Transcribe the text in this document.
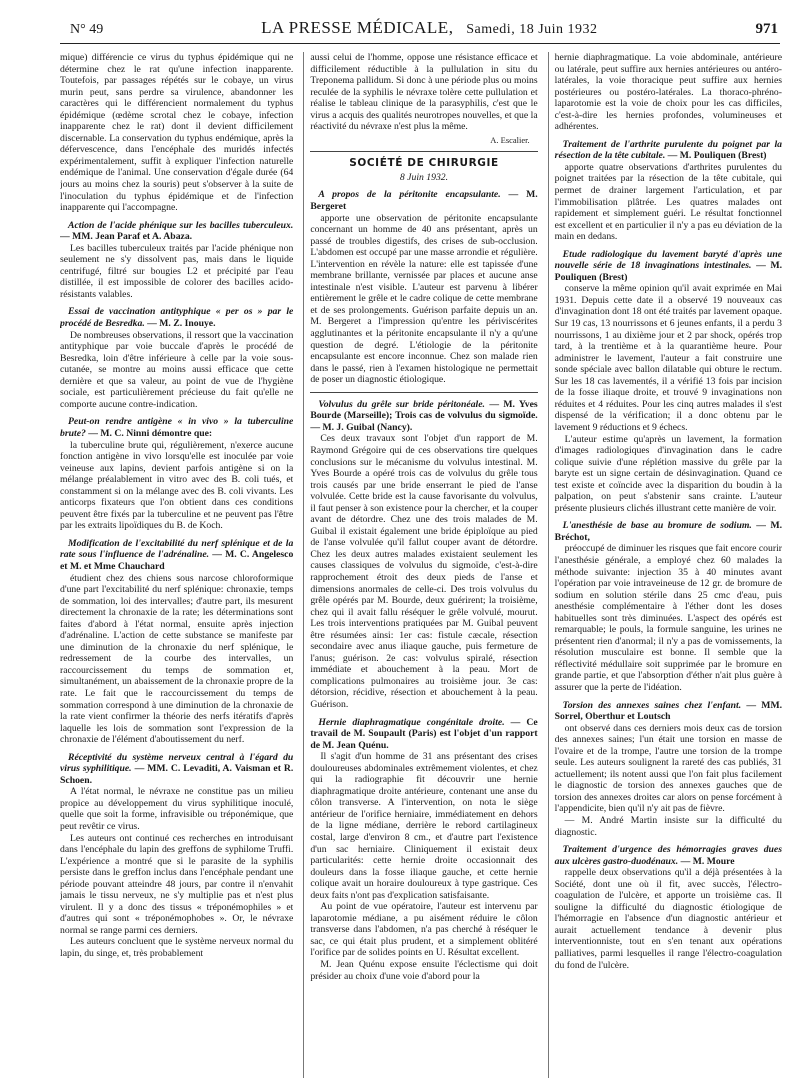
N° 49	LA PRESSE MÉDICALE, Samedi, 18 Juin 1932	971

mique) différencie ce virus du typhus épidémique qui ne détermine chez le rat qu'une infection inapparente. Toutefois, par passages répétés sur le cobaye, un virus murin peut, sans perdre sa virulence, abandonner les caractères qui le différencient normalement du typhus épidémique (œdème scrotal chez le cobaye, infection inapparente chez le rat) dont il devient difficilement discernable. La conservation du typhus endémique, après la défervescence, dans l'encéphale des muridés infectés expérimentalement, suffit à expliquer l'infection naturelle endémique de l'animal. Une conservation d'égale durée (64 jours au moins chez la souris) peut s'observer à la suite de l'inoculation du typhus épidémique et de l'infection inapparente qui l'accompagne.

Action de l'acide phénique sur les bacilles tuberculeux. — MM. Jean Paraf et A. Abaza.

Les bacilles tuberculeux traités par l'acide phénique non seulement ne s'y dissolvent pas, mais dans le liquide centrifugé, filtré sur bougies L2 et précipité par l'eau distillée, il est impossible de colorer des bacilles acido-résistants valables.

Essai de vaccination antityphique « per os » par le procédé de Besredka. — M. Z. Inouye.

De nombreuses observations, il ressort que la vaccination antityphique par voie buccale d'après le procédé de Besredka, loin d'être inférieure à celle par la voie sous-cutanée, se montre au moins aussi efficace que cette dernière et que sa valeur, au point de vue de l'hygiène sociale, est particulièrement précieuse du fait qu'elle ne comporte aucune contre-indication.

Peut-on rendre antigène « in vivo » la tuberculine brute? — M. C. Ninni démontre que:

la tuberculine brute qui, régulièrement, n'exerce aucune fonction antigène in vivo lorsqu'elle est inoculée par voie veineuse aux lapins, devient parfois antigène si on la mélange préalablement in vitro avec des B. coli tués, et constamment si on la mélange avec des B. coli vivants. Les anticorps fixateurs que l'on obtient dans ces conditions peuvent être fixés par la tuberculine et ne peuvent pas l'être par les extraits lipoïdiques du B. de Koch.

Modification de l'excitabilité du nerf splénique et de la rate sous l'influence de l'adrénaline. — M. C. Angelesco et M. et Mme Chauchard

étudient chez des chiens sous narcose chloroformique d'une part l'excitabilité du nerf splénique: chronaxie, temps de sommation, loi des intervalles; d'autre part, ils mesurent directement la chronaxie de la rate; les déterminations sont faites d'abord à l'état normal, ensuite après injection d'adrénaline. L'action de cette substance se manifeste par une diminution de la chronaxie du nerf splénique, le redressement de la courbe des intervalles, un raccourcissement du temps de sommation et, simultanément, un abaissement de la chronaxie propre de la rate. Le fait que le raccourcissement du temps de sommation correspond à une diminution de la chronaxie de la rate vient confirmer la théorie des nerfs itératifs d'après laquelle les lois de sommation sont l'expression de la chronaxie de l'élément d'aboutissement du nerf.

Réceptivité du système nerveux central à l'égard du virus syphilitique. — MM. C. Levaditi, A. Vaisman et R. Schoen.

A l'état normal, le névraxe ne constitue pas un milieu propice au développement du virus syphilitique inoculé, quelle que soit la forme, infravisible ou tréponémique, que peut revêtir ce virus.

Les auteurs ont continué ces recherches en introduisant dans l'encéphale du lapin des greffons de syphilome Truffi. L'expérience a montré que si le parasite de la syphilis persiste dans le greffon inclus dans l'encéphale pendant une période pouvant atteindre 48 jours, par contre il n'envahit jamais le tissu nerveux, ne s'y multiplie pas et n'est plus virulent. Il y a donc des tissus « tréponémophiles » et d'autres qui sont « tréponémophobes ». Or, le névraxe normal se range parmi ces derniers.

Les auteurs concluent que le système nerveux normal du lapin, du singe, et, très probablement

aussi celui de l'homme, oppose une résistance efficace et difficilement réductible à la pullulation in situ du Treponema pallidum. Si donc à une période plus ou moins reculée de la syphilis le névraxe tolère cette pullulation et réalise le tableau clinique de la parasyphilis, c'est que le virus a acquis des qualités neurotropes nouvelles, et que la réactivité du névraxe n'est plus la même.

A. Escalier.
SOCIÉTÉ DE CHIRURGIE
8 Juin 1932.

A propos de la péritonite encapsulante. — M. Bergeret

apporte une observation de péritonite encapsulante concernant un homme de 40 ans présentant, après un passé de troubles digestifs, des crises de sub-occlusion. L'abdomen est occupé par une masse arrondie et régulière. L'intervention en révèle la nature: elle est tapissée d'une membrane brillante, vernissée par places et aucune anse intestinale n'est visible. L'auteur est parvenu à libérer entièrement le grêle et le cadre colique de cette membrane et de ses prolongements. Guérison parfaite depuis un an. M. Bergeret a l'impression qu'entre les périviscérites agglutinantes et la péritonite encapsulante il n'y a qu'une question de degré. L'étiologie de la péritonite encapsulante est encore inconnue. Chez son malade rien dans le passé, rien à l'examen histologique ne permettait de poser un diagnostic étiologique.

Volvulus du grêle sur bride péritonéale. — M. Yves Bourde (Marseille); Trois cas de volvulus du sigmoïde. — M. J. Guibal (Nancy).

Ces deux travaux sont l'objet d'un rapport de M. Raymond Grégoire qui de ces observations tire quelques conclusions sur le mécanisme du volvulus intestinal. M. Yves Bourde a opéré trois cas de volvulus du grêle tous trois causés par une bride enserrant le pied de l'anse volvulée. Cette bride est la cause favorisante du volvulus, il faut penser à son existence pour la chercher, et la couper avant de détordre. Chez une des trois malades de M. Guibal il existait également une bride épiploïque au pied de l'anse volvulée qu'il fallut couper avant de détordre. Chez les deux autres malades existaient seulement les causes classiques de volvulus du sigmoïde, c'est-à-dire rapprochement étroit des deux pieds de l'anse et dimensions anormales de celle-ci. Des trois volvulus du grêle opérés par M. Bourde, deux guérirent; la troisième, chez qui il avait fallu réséquer le grêle volvulé, mourut. Les trois interventions pratiquées par M. Guibal peuvent être résumées ainsi: 1er cas: fistule cæcale, résection secondaire avec anus iliaque gauche, puis fermeture de l'anus; guérison. 2e cas: volvulus spiralé, résection immédiate et abouchement à la peau. Mort de complications pulmonaires au troisième jour. 3e cas: détorsion, récidive, résection et abouchement à la peau. Guérison.

Hernie diaphragmatique congénitale droite. — Ce travail de M. Soupault (Paris) est l'objet d'un rapport de M. Jean Quénu.

Il s'agit d'un homme de 31 ans présentant des crises douloureuses abdominales extrêmement violentes, et chez qui la radiographie fit découvrir une hernie diaphragmatique droite antérieure, contenant une anse du côlon transverse. A l'intervention, on nota le siège antérieur de l'orifice herniaire, immédiatement en dehors de la ligne médiane, derrière le rebord cartilagineux costal, large d'environ 8 cm., et d'autre part l'existence d'un sac herniaire. Cliniquement il existait deux particularités: cette hernie droite occasionnait des douleurs dans la fosse iliaque gauche, et cette hernie colique avait un horaire douloureux à type gastrique. Ces deux faits n'ont pas d'explication satisfaisante.

Au point de vue opératoire, l'auteur est intervenu par laparotomie médiane, a pu aisément réduire le côlon transverse dans l'abdomen, n'a pas cherché à réséquer le sac, ce qui était plus prudent, et a simplement oblitéré l'orifice par de solides points en U. Résultat excellent.

M. Jean Quénu expose ensuite l'éclectisme qui doit présider au choix d'une voie d'abord pour la

hernie diaphragmatique. La voie abdominale, antérieure ou latérale, peut suffire aux hernies antérieures ou antéro-latérales, la voie thoracique peut suffire aux hernies postérieures ou postéro-latérales. La thoraco-phréno-laparotomie est la voie de choix pour les cas difficiles, c'est-à-dire les hernies profondes, volumineuses et adhérentes.

Traitement de l'arthrite purulente du poignet par la résection de la tête cubitale. — M. Pouliquen (Brest)

apporte quatre observations d'arthrites purulentes du poignet traitées par la résection de la tête cubitale, qui permet de drainer largement l'articulation, et par l'immobilisation plâtrée. Les quatres malades ont rapidement et simplement guéri. Le résultat fonctionnel est excellent et en particulier il n'y a pas eu déviation de la main en dedans.

Etude radiologique du lavement baryté d'après une nouvelle série de 18 invaginations intestinales. — M. Pouliquen (Brest)

conserve la même opinion qu'il avait exprimée en Mai 1931. Depuis cette date il a observé 19 nouveaux cas d'invagination dont 18 ont été traités par lavement opaque. Sur 19 cas, 13 nourrissons et 6 jeunes enfants, il a perdu 3 nourrissons, 1 au dixième jour et 2 par shock, opérés trop tard, à la trentième et à la quarantième heure. Pour administrer le lavement, l'auteur a fait construire une sonde spéciale avec ballon dilatable qui obture le rectum. Sur les 18 cas lavementés, il a vérifié 13 fois par incision de la fosse iliaque droite, et trouvé 9 invaginations non réduites et 4 réduites. Pour les cinq autres malades il s'est dispensé de la vérification; il a donc obtenu par le lavement 9 réductions et 9 échecs.

L'auteur estime qu'après un lavement, la formation d'images radiologiques d'invagination dans le cadre colique suivie d'une réplétion massive du grêle par la baryte est un signe certain de désinvagination. Quand ce test existe et coïncide avec la disparition du boudin à la palpation, on peut s'abstenir sans crainte. L'auteur présente plusieurs clichés illustrant cette manière de voir.

L'anesthésie de base au bromure de sodium. — M. Bréchot,

préoccupé de diminuer les risques que fait encore courir l'anesthésie générale, a employé chez 60 malades la méthode suivante: injection 35 à 40 minutes avant l'opération par voie intraveineuse de 12 gr. de bromure de sodium en solution stérile dans 25 cmc d'eau, puis anesthésie complémentaire à l'éther dont les doses habituelles sont très diminuées. L'aspect des opérés est remarquable; le pouls, la formule sanguine, les urines ne présentent rien d'anormal; il n'y a pas de vomissements, la résolution musculaire est bonne. Il semble que la réflectivité médullaire soit supprimée par le bromure en grande partie, et que l'absorption d'éther n'ait plus guère à assurer que la perte de l'idéation.

Torsion des annexes saines chez l'enfant. — MM. Sorrel, Oberthur et Loutsch

ont observé dans ces derniers mois deux cas de torsion des annexes saines; l'un était une torsion en masse de l'ovaire et de la trompe, l'autre une torsion de la trompe seule. Les auteurs soulignent la rareté des cas publiés, 31 actuellement; ils notent aussi que l'on fait plus facilement le diagnostic de torsion des annexes gauches que de torsion des annexes droites car alors on pense forcément à l'appendicite, bien qu'il n'y ait pas de fièvre.

— M. André Martin insiste sur la difficulté du diagnostic.

Traitement d'urgence des hémorragies graves dues aux ulcères gastro-duodénaux. — M. Moure

rappelle deux observations qu'il a déjà présentées à la Société, dont une où il fit, avec succès, l'électro-coagulation de l'ulcère, et apporte un troisième cas. Il souligne la difficulté du diagnostic étiologique de l'hémorragie en l'absence d'un diagnostic antérieur et aurait actuellement tendance à devenir plus interventionniste, tout en s'en tenant aux opérations palliatives, parmi lesquelles il range l'électro-coagulation du fond de l'ulcère.
